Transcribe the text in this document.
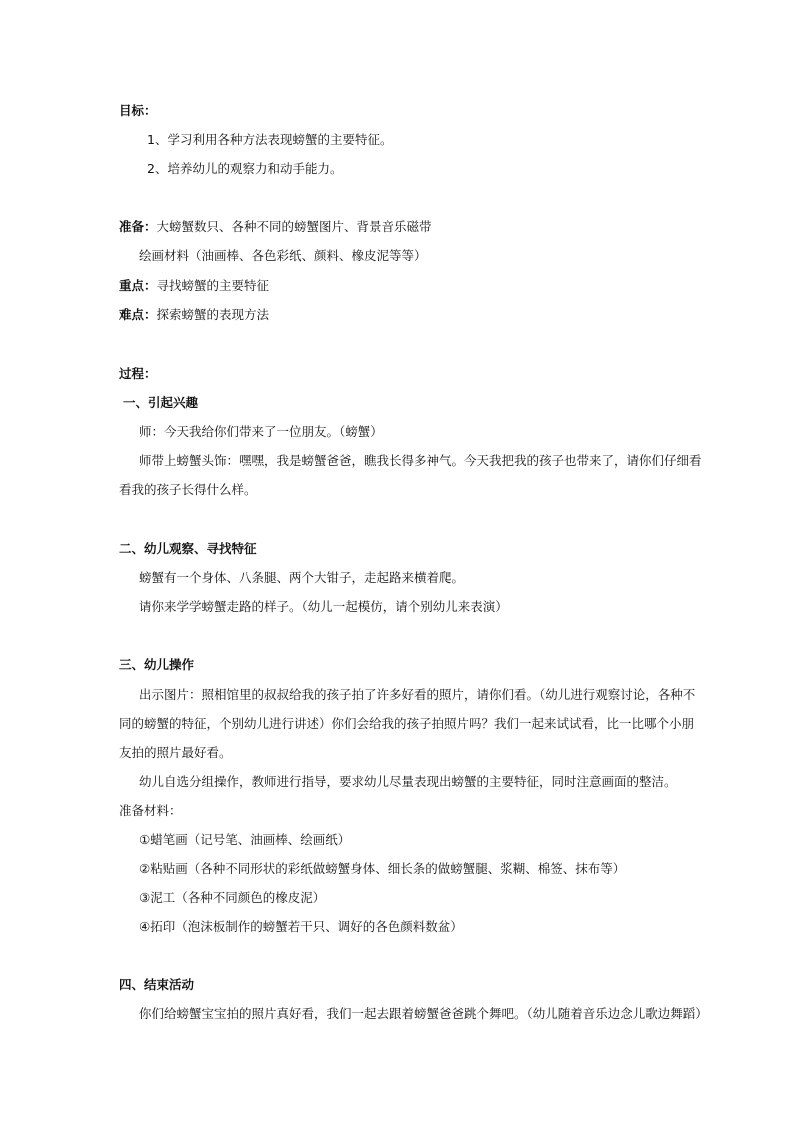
目标：
1、学习利用各种方法表现螃蟹的主要特征。
2、培养幼儿的观察力和动手能力。
准备：大螃蟹数只、各种不同的螃蟹图片、背景音乐磁带
绘画材料（油画棒、各色彩纸、颜料、橡皮泥等等）
重点：寻找螃蟹的主要特征
难点：探索螃蟹的表现方法
过程：
一、引起兴趣
师：今天我给你们带来了一位朋友。（螃蟹）
师带上螃蟹头饰：嘿嘿，我是螃蟹爸爸，瞧我长得多神气。今天我把我的孩子也带来了，请你们仔细看
看我的孩子长得什么样。
二、幼儿观察、寻找特征
螃蟹有一个身体、八条腿、两个大钳子，走起路来横着爬。
请你来学学螃蟹走路的样子。（幼儿一起模仿，请个别幼儿来表演）
三、幼儿操作
出示图片：照相馆里的叔叔给我的孩子拍了许多好看的照片，请你们看。（幼儿进行观察讨论，各种不
同的螃蟹的特征，个别幼儿进行讲述）你们会给我的孩子拍照片吗？我们一起来试试看，比一比哪个小朋
友拍的照片最好看。
幼儿自选分组操作，教师进行指导，要求幼儿尽量表现出螃蟹的主要特征，同时注意画面的整洁。
准备材料：
①蜡笔画（记号笔、油画棒、绘画纸）
②粘贴画（各种不同形状的彩纸做螃蟹身体、细长条的做螃蟹腿、浆糊、棉签、抹布等）
③泥工（各种不同颜色的橡皮泥）
④拓印（泡沫板制作的螃蟹若干只、调好的各色颜料数盆）
四、结束活动
你们给螃蟹宝宝拍的照片真好看，我们一起去跟着螃蟹爸爸跳个舞吧。（幼儿随着音乐边念儿歌边舞蹈）
